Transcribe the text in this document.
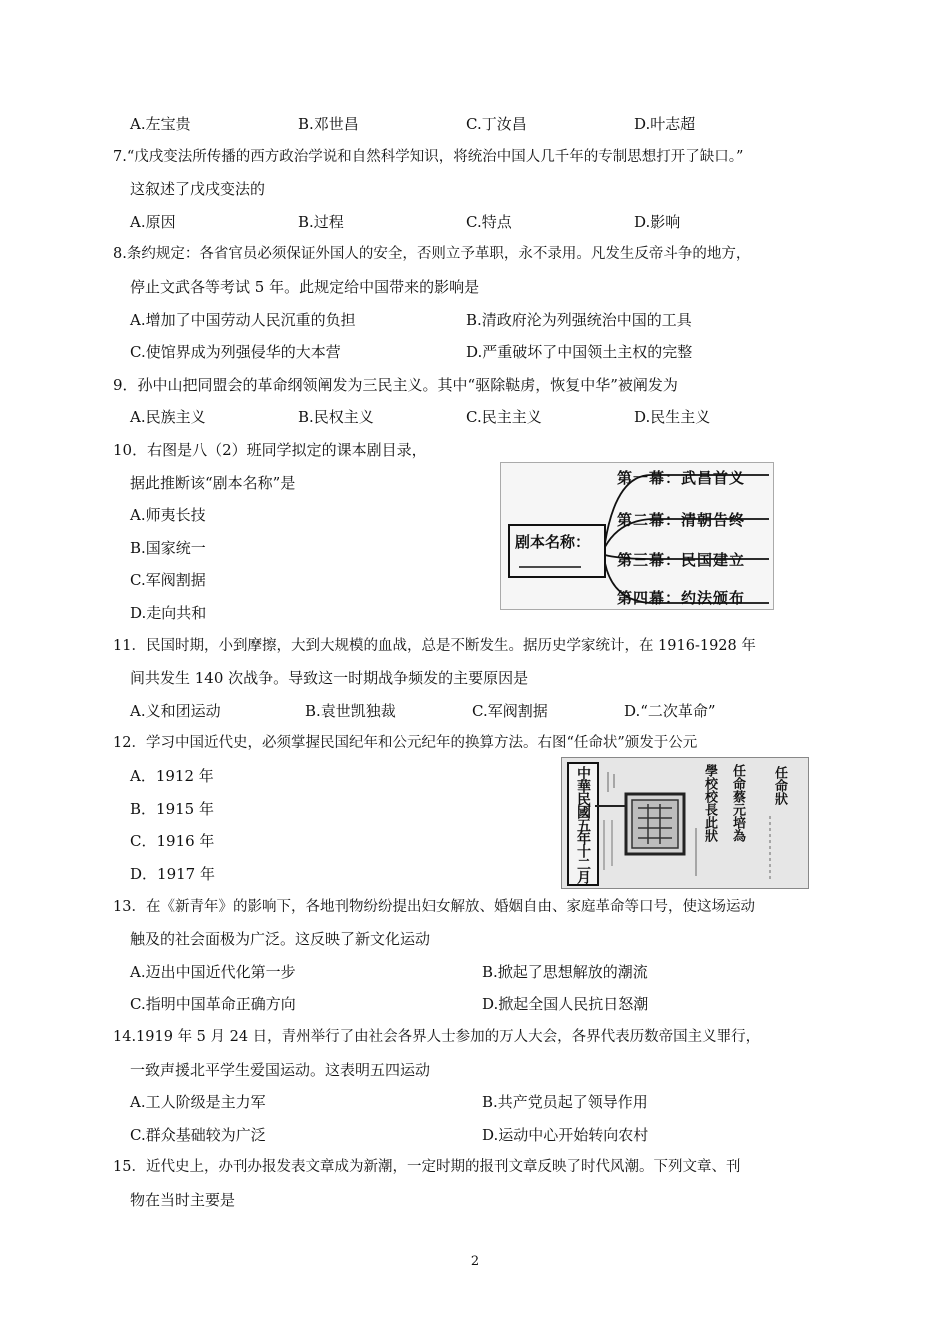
A.左宝贵	B.邓世昌	C.丁汝昌	D.叶志超
7.“戊戌变法所传播的西方政治学说和自然科学知识，将统治中国人几千年的专制思想打开了缺口。”
这叙述了戊戌变法的
A.原因	B.过程	C.特点	D.影响
8.条约规定：各省官员必须保证外国人的安全，否则立予革职，永不录用。凡发生反帝斗争的地方，
停止文武各等考试 5 年。此规定给中国带来的影响是
A.增加了中国劳动人民沉重的负担	B.清政府沦为列强统治中国的工具
C.使馆界成为列强侵华的大本营	D.严重破坏了中国领土主权的完整
9．孙中山把同盟会的革命纲领阐发为三民主义。其中“驱除鞑虏，恢复中华”被阐发为
A.民族主义	B.民权主义	C.民主主义	D.民生主义
10．右图是八（2）班同学拟定的课本剧目录，
据此推断该“剧本名称”是
A.师夷长技
B.国家统一
C.军阀割据
D.走向共和
剧本名称：
第一幕：武昌首义
第二幕：清朝告终
第三幕：民国建立
第四幕：约法颁布
11．民国时期，小到摩擦，大到大规模的血战，总是不断发生。据历史学家统计，在 1916-1928 年
间共发生 140 次战争。导致这一时期战争频发的主要原因是
A.义和团运动	B.袁世凯独裁	C.军阀割据	D.“二次革命”
12．学习中国近代史，必须掌握民国纪年和公元纪年的换算方法。右图“任命状”颁发于公元
A．1912 年
B．1915 年
C．1916 年
D．1917 年	中華民國五年十二月	學校校長此狀 任命蔡元培為 任命狀
13．在《新青年》的影响下，各地刊物纷纷提出妇女解放、婚姻自由、家庭革命等口号，使这场运动
触及的社会面极为广泛。这反映了新文化运动
A.迈出中国近代化第一步	B.掀起了思想解放的潮流
C.指明中国革命正确方向	D.掀起全国人民抗日怒潮
14.1919 年 5 月 24 日，青州举行了由社会各界人士参加的万人大会，各界代表历数帝国主义罪行，
一致声援北平学生爱国运动。这表明五四运动
A.工人阶级是主力军	B.共产党员起了领导作用
C.群众基础较为广泛	D.运动中心开始转向农村
15．近代史上，办刊办报发表文章成为新潮，一定时期的报刊文章反映了时代风潮。下列文章、刊
物在当时主要是
2
